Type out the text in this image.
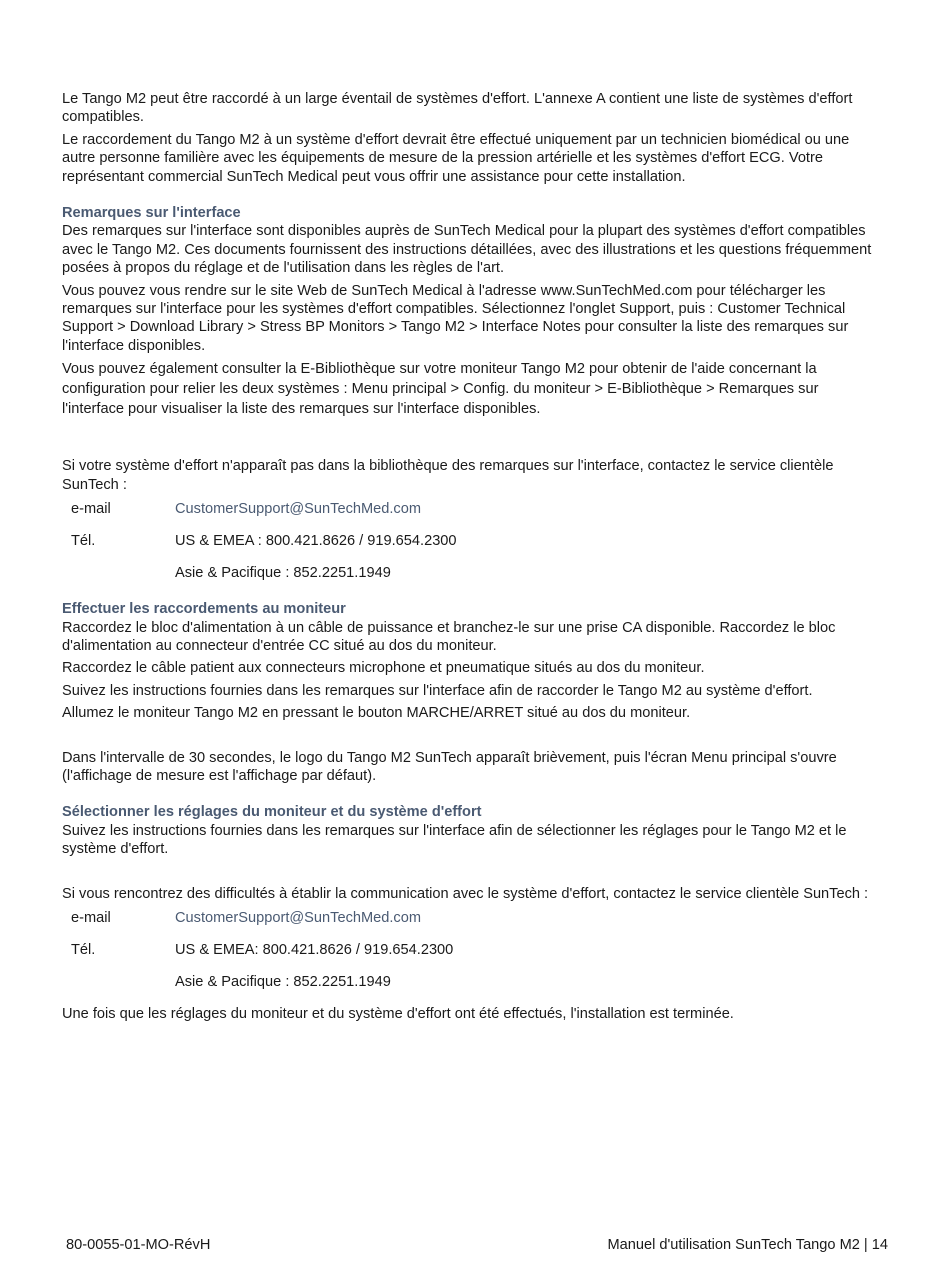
Le Tango M2 peut être raccordé à un large éventail de systèmes d'effort. L'annexe A contient une liste de systèmes d'effort compatibles.

Le raccordement du Tango M2 à un système d'effort devrait être effectué uniquement par un technicien biomédical ou une autre personne familière avec les équipements de mesure de la pression artérielle et les systèmes d'effort ECG. Votre représentant commercial SunTech Medical peut vous offrir une assistance pour cette installation.

Remarques sur l'interface

Des remarques sur l'interface sont disponibles auprès de SunTech Medical pour la plupart des systèmes d'effort compatibles avec le Tango M2. Ces documents fournissent des instructions détaillées, avec des illustrations et les questions fréquemment posées à propos du réglage et de l'utilisation dans les règles de l'art.

Vous pouvez vous rendre sur le site Web de SunTech Medical à l'adresse www.SunTechMed.com pour télécharger les remarques sur l'interface pour les systèmes d'effort compatibles. Sélectionnez l'onglet Support, puis : Customer Technical Support > Download Library > Stress BP Monitors > Tango M2 > Interface Notes pour consulter la liste des remarques sur l'interface disponibles.

Vous pouvez également consulter la E-Bibliothèque sur votre moniteur Tango M2 pour obtenir de l'aide concernant la configuration pour relier les deux systèmes : Menu principal > Config. du moniteur > E-Bibliothèque > Remarques sur l'interface pour visualiser la liste des remarques sur l'interface disponibles.

Si votre système d'effort n'apparaît pas dans la bibliothèque des remarques sur l'interface, contactez le service clientèle SunTech :

e-mail	CustomerSupport@SunTechMed.com
Tél.	US & EMEA : 800.421.8626 / 919.654.2300
	Asie & Pacifique : 852.2251.1949
Effectuer les raccordements au moniteur

Raccordez le bloc d'alimentation à un câble de puissance et branchez-le sur une prise CA disponible. Raccordez le bloc d'alimentation au connecteur d'entrée CC situé au dos du moniteur.

Raccordez le câble patient aux connecteurs microphone et pneumatique situés au dos du moniteur.

Suivez les instructions fournies dans les remarques sur l'interface afin de raccorder le Tango M2 au système d'effort.

Allumez le moniteur Tango M2 en pressant le bouton MARCHE/ARRET situé au dos du moniteur.

Dans l'intervalle de 30 secondes, le logo du Tango M2 SunTech apparaît brièvement, puis l'écran Menu principal s'ouvre (l'affichage de mesure est l'affichage par défaut).

Sélectionner les réglages du moniteur et du système d'effort

Suivez les instructions fournies dans les remarques sur l'interface afin de sélectionner les réglages pour le Tango M2 et le système d'effort.

Si vous rencontrez des difficultés à établir la communication avec le système d'effort, contactez le service clientèle SunTech :

e-mail	CustomerSupport@SunTechMed.com
Tél.	US & EMEA: 800.421.8626 / 919.654.2300
	Asie & Pacifique : 852.2251.1949

Une fois que les réglages du moniteur et du système d'effort ont été effectués, l'installation est terminée.

80-0055-01-MO-RévH	Manuel d'utilisation SunTech Tango M2 | 14
